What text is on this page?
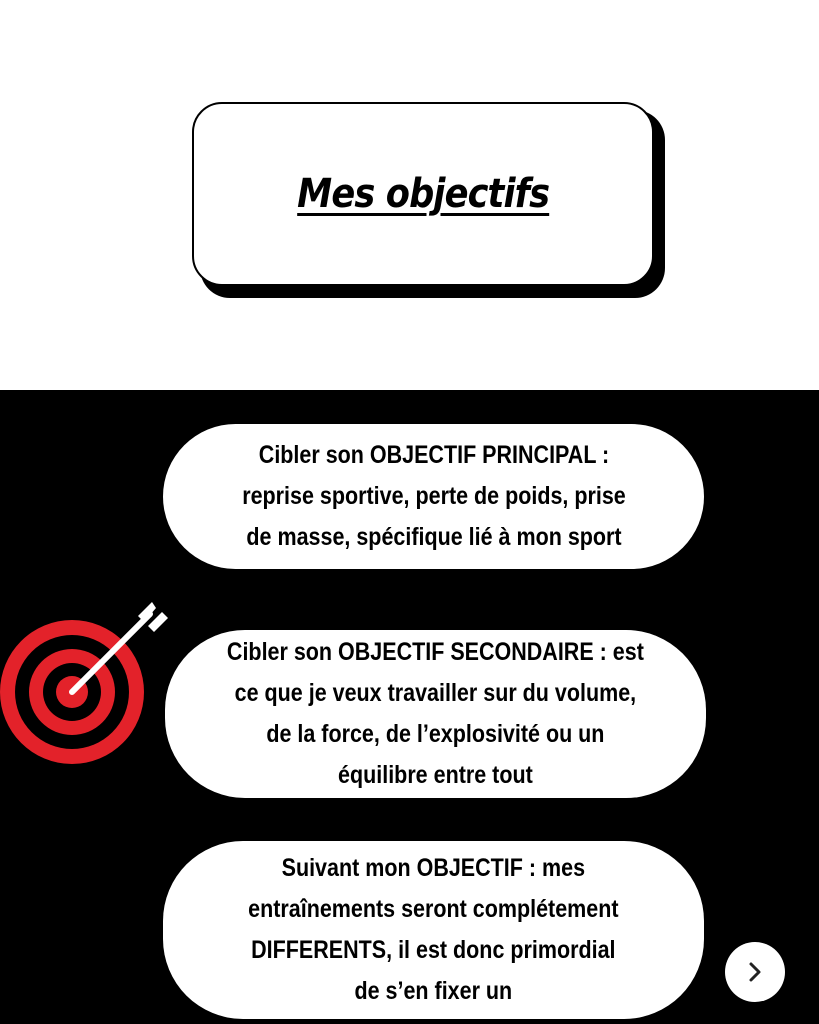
Mes objectifs
Cibler son OBJECTIF PRINCIPAL :
reprise sportive, perte de poids, prise
de masse, spécifique lié à mon sport
Cibler son OBJECTIF SECONDAIRE : est
ce que je veux travailler sur du volume,
de la force, de l’explosivité ou un
équilibre entre tout
Suivant mon OBJECTIF : mes
entraînements seront complétement
DIFFERENTS, il est donc primordial
de s’en fixer un
